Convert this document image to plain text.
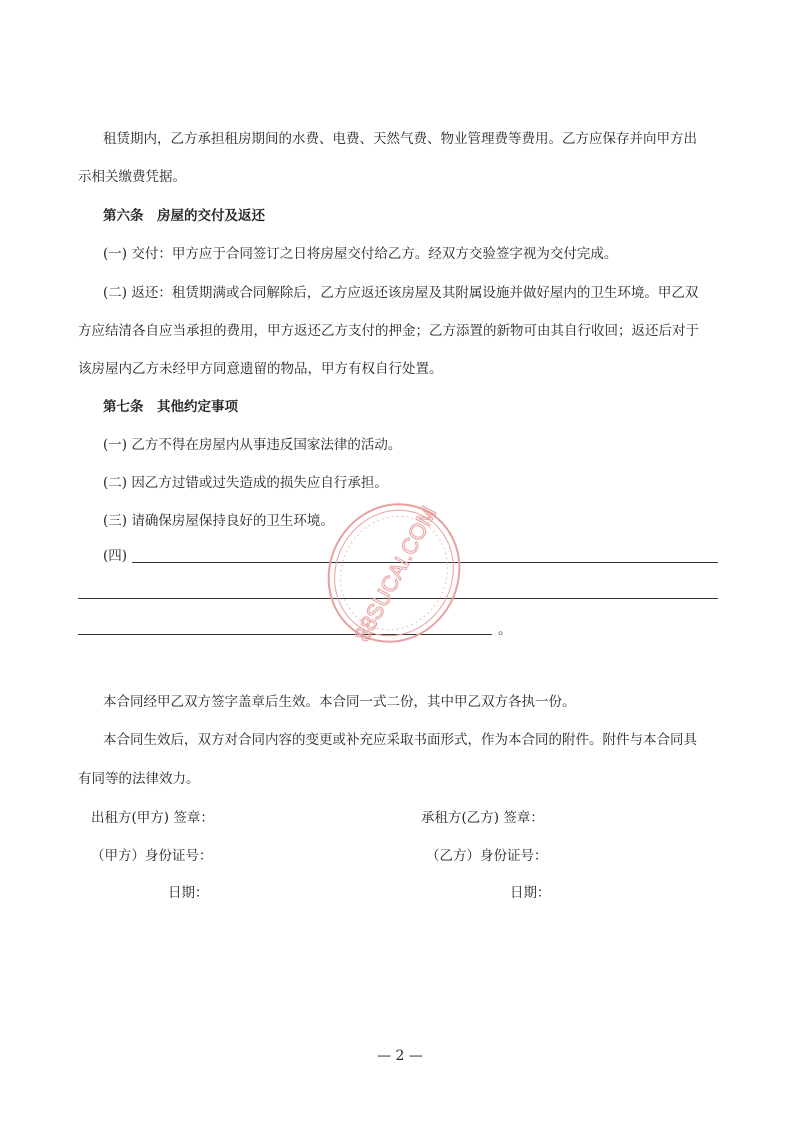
租赁期内，乙方承担租房期间的水费、电费、天然气费、物业管理费等费用。乙方应保存并向甲方出
示相关缴费凭据。
第六条　房屋的交付及返还
(一) 交付：甲方应于合同签订之日将房屋交付给乙方。经双方交验签字视为交付完成。
(二) 返还：租赁期满或合同解除后，乙方应返还该房屋及其附属设施并做好屋内的卫生环境。甲乙双
方应结清各自应当承担的费用，甲方返还乙方支付的押金；乙方添置的新物可由其自行收回；返还后对于
该房屋内乙方未经甲方同意遗留的物品，甲方有权自行处置。
第七条　其他约定事项
(一) 乙方不得在房屋内从事违反国家法律的活动。
(二) 因乙方过错或过失造成的损失应自行承担。
(三) 请确保房屋保持良好的卫生环境。
(四)
。
本合同经甲乙双方签字盖章后生效。本合同一式二份，其中甲乙双方各执一份。
本合同生效后，双方对合同内容的变更或补充应采取书面形式，作为本合同的附件。附件与本合同具
有同等的法律效力。
出租方(甲方) 签章：	承租方(乙方) 签章：
（甲方）身份证号：	（乙方）身份证号：
日期：	日期：
88SUCAI.COM
— 2 —
